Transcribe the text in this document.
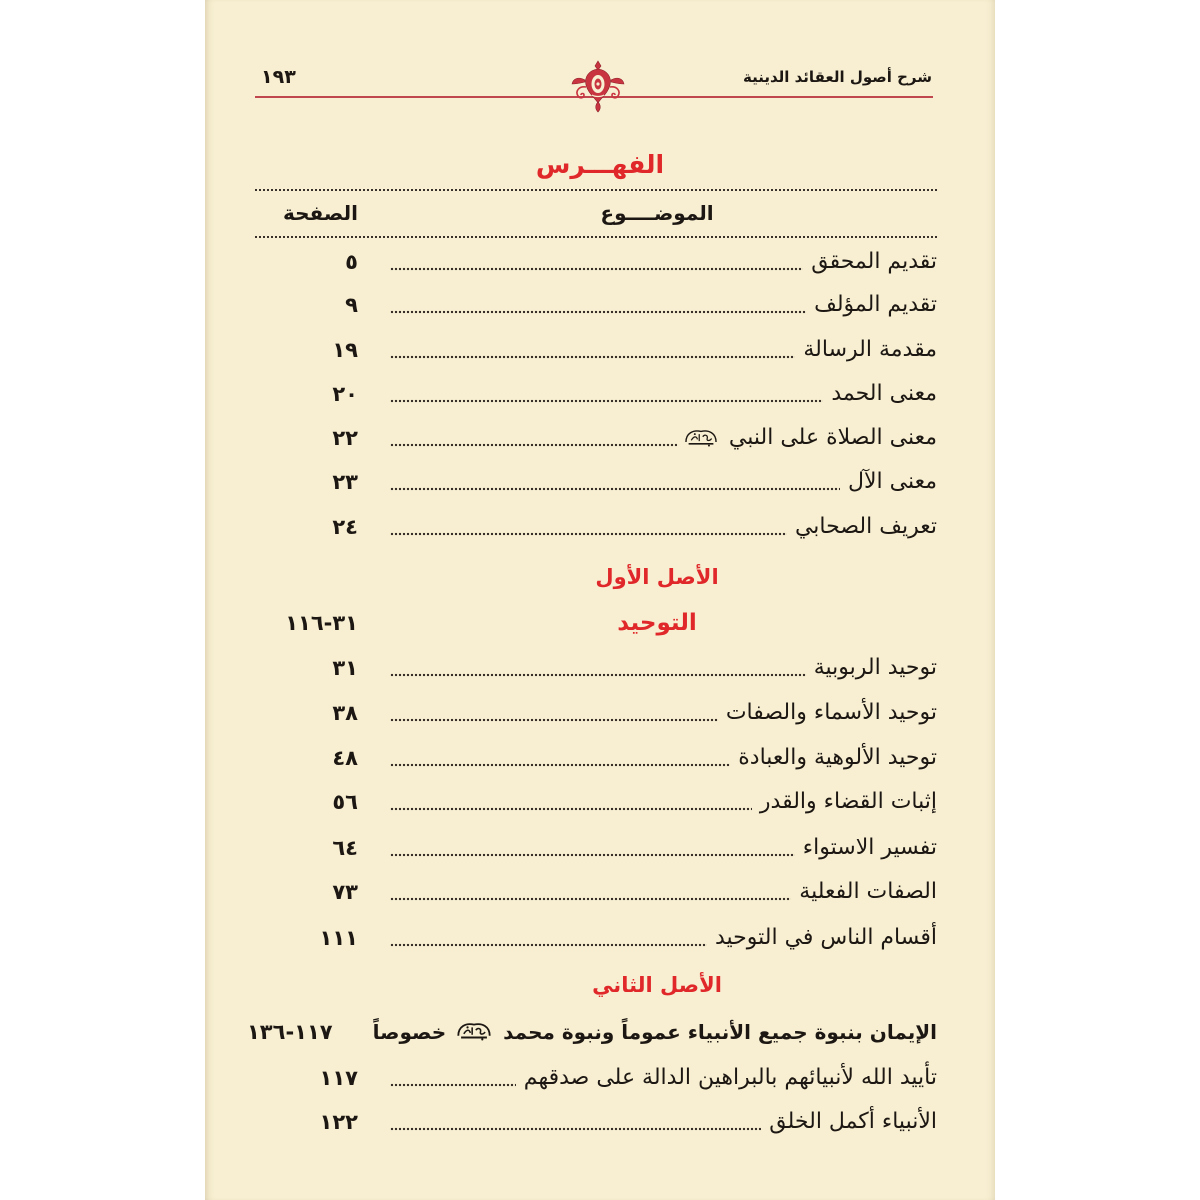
شرح أصول العقائد الدينية
١٩٣
الفهـــرس
الموضــــوع
الصفحة
تقديم المحقق
٥
تقديم المؤلف
٩
مقدمة الرسالة
١٩
معنى الحمد
٢٠
معنى الصلاة على النبي
٢٢
معنى الآل
٢٣
تعريف الصحابي
٢٤
الأصل الأول
التوحيد
٣١-١١٦
توحيد الربوبية
٣١
توحيد الأسماء والصفات
٣٨
توحيد الألوهية والعبادة
٤٨
إثبات القضاء والقدر
٥٦
تفسير الاستواء
٦٤
الصفات الفعلية
٧٣
أقسام الناس في التوحيد
١١١
الأصل الثاني
الإيمان بنبوة جميع الأنبياء عموماً ونبوة محمد
خصوصاً
١١٧-١٣٦
تأييد الله لأنبيائهم بالبراهين الدالة على صدقهم
١١٧
الأنبياء أكمل الخلق
١٢٢
